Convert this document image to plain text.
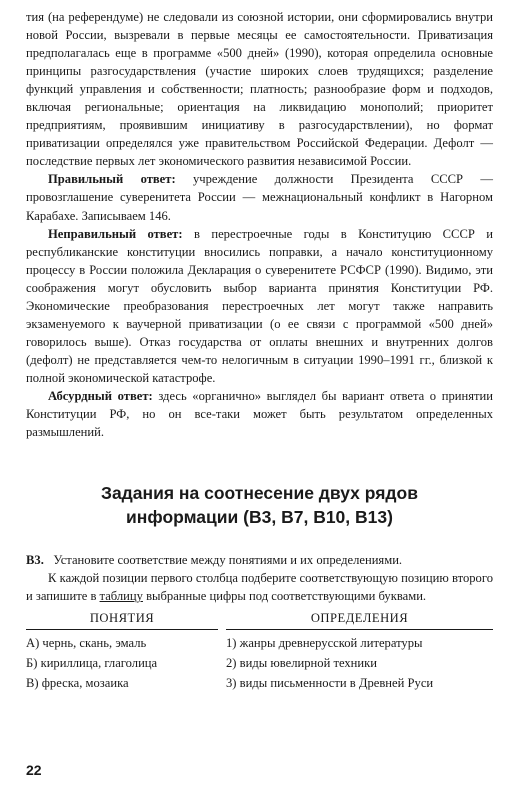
тия (на референдуме) не следовали из союзной истории, они сформировались внутри новой России, вызревали в первые месяцы ее самостоятельности. Приватизация предполагалась еще в программе «500 дней» (1990), которая определила основные принципы разгосударствления (участие широких слоев трудящихся; разделение функций управления и собственности; платность; разнообразие форм и подходов, включая региональные; ориентация на ликвидацию монополий; приоритет предприятиям, проявившим инициативу в разгосударствлении), но формат приватизации определялся уже правительством Российской Федерации. Дефолт — последствие первых лет экономического развития независимой России.

Правильный ответ: учреждение должности Президента СССР — провозглашение суверенитета России — межнациональный конфликт в Нагорном Карабахе. Записываем 146.

Неправильный ответ: в перестроечные годы в Конституцию СССР и республиканские конституции вносились поправки, а начало конституционному процессу в России положила Декларация о суверенитете РСФСР (1990). Видимо, эти соображения могут обусловить выбор варианта принятия Конституции РФ. Экономические преобразования перестроечных лет могут также направить экзаменуемого к ваучерной приватизации (о ее связи с программой «500 дней» говорилось выше). Отказ государства от оплаты внешних и внутренних долгов (дефолт) не представляется чем-то нелогичным в ситуации 1990–1991 гг., близкой к полной экономической катастрофе.

Абсурдный ответ: здесь «органично» выглядел бы вариант ответа о принятии Конституции РФ, но он все-таки может быть результатом определенных размышлений.

Задания на соотнесение двух рядов
информации (В3, В7, В10, В13)

В3. Установите соответствие между понятиями и их определениями.

К каждой позиции первого столбца подберите соответствующую позицию второго и запишите в таблицу выбранные цифры под соответствующими буквами.

ПОНЯТИЯ
А) чернь, скань, эмаль
Б) кириллица, глаголица
В) фреска, мозаика
ОПРЕДЕЛЕНИЯ
1) жанры древнерусской литературы
2) виды ювелирной техники
3) виды письменности в Древней Руси
22
